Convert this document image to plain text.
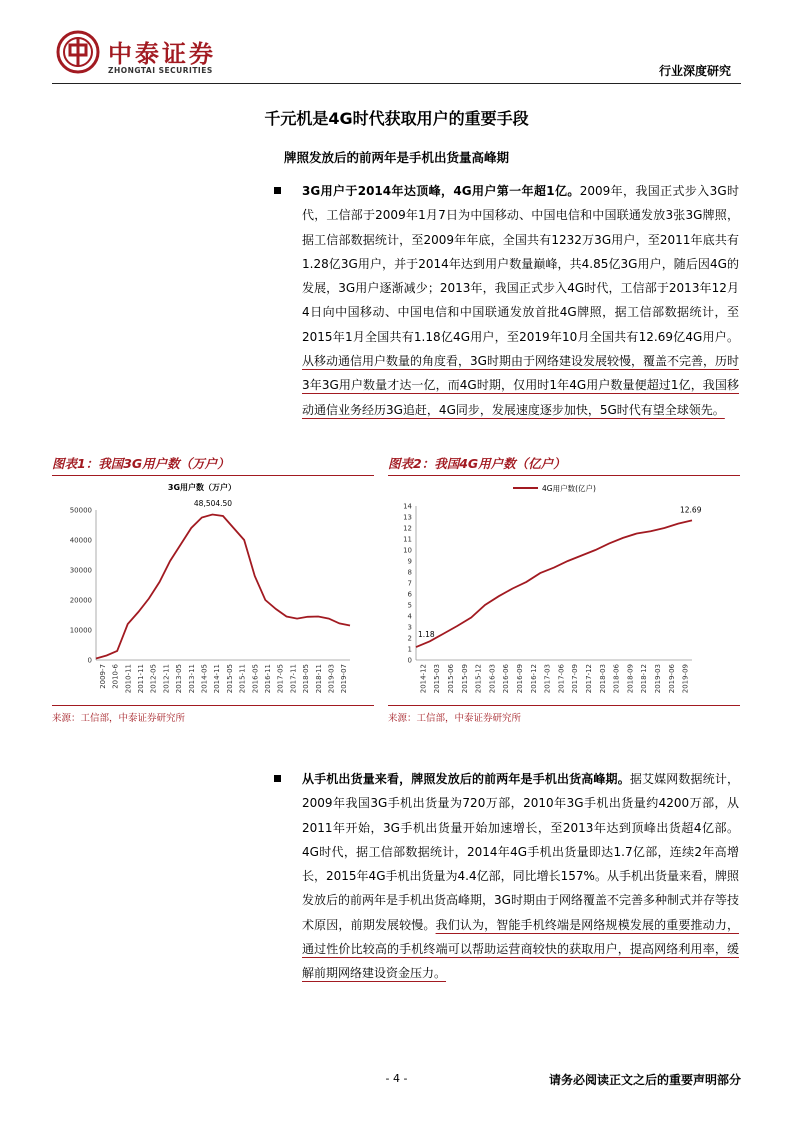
中泰证券
ZHONGTAI SECURITIES	行业深度研究
千元机是4G时代获取用户的重要手段
牌照发放后的前两年是手机出货量高峰期
3G用户于2014年达顶峰，4G用户第一年超1亿。2009年，我国正式步入3G时代，工信部于2009年1月7日为中国移动、中国电信和中国联通发放3张3G牌照，据工信部数据统计，至2009年年底，全国共有1232万3G用户，至2011年底共有1.28亿3G用户，并于2014年达到用户数量巅峰，共4.85亿3G用户，随后因4G的发展，3G用户逐渐减少；2013年，我国正式步入4G时代，工信部于2013年12月4日向中国移动、中国电信和中国联通发放首批4G牌照，据工信部数据统计，至2015年1月全国共有1.18亿4G用户，至2019年10月全国共有12.69亿4G用户。从移动通信用户数量的角度看，3G时期由于网络建设发展较慢，覆盖不完善，历时3年3G用户数量才达一亿，而4G时期，仅用时1年4G用户数量便超过1亿，我国移动通信业务经历3G追赶，4G同步，发展速度逐步加快，5G时代有望全球领先。
图表1：我国3G用户数（万户）
3G用户数（万户）
48,504.50
0
10000
20000
30000
40000
50000
2009-7 2010-6 2010-11 2011-11 2012-05 2012-11 2013-05 2013-11 2014-05 2014-11 2015-05 2015-11 2016-05 2016-11 2017-05 2017-11 2018-05 2018-11 2019-03 2019-07
来源：工信部，中泰证券研究所
图表2：我国4G用户数（亿户）
4G用户数(亿户)
0
1
2
3
4
5
6
7
8
9
10
11
12
13
14
2014-12 2015-03 2015-06 2015-09 2015-12 2016-03 2016-06 2016-09 2016-12 2017-03 2017-06 2017-09 2017-12 2018-03 2018-06 2018-09 2018-12 2019-03 2019-06 2019-09
1.18
12.69
来源：工信部，中泰证券研究所
从手机出货量来看，牌照发放后的前两年是手机出货高峰期。据艾媒网数据统计，2009年我国3G手机出货量为720万部，2010年3G手机出货量约4200万部，从2011年开始，3G手机出货量开始加速增长，至2013年达到顶峰出货超4亿部。4G时代，据工信部数据统计，2014年4G手机出货量即达1.7亿部，连续2年高增长，2015年4G手机出货量为4.4亿部，同比增长157%。从手机出货量来看，牌照发放后的前两年是手机出货高峰期，3G时期由于网络覆盖不完善多种制式并存等技术原因，前期发展较慢。我们认为，智能手机终端是网络规模发展的重要推动力，通过性价比较高的手机终端可以帮助运营商较快的获取用户，提高网络利用率，缓解前期网络建设资金压力。
- 4 -	请务必阅读正文之后的重要声明部分
